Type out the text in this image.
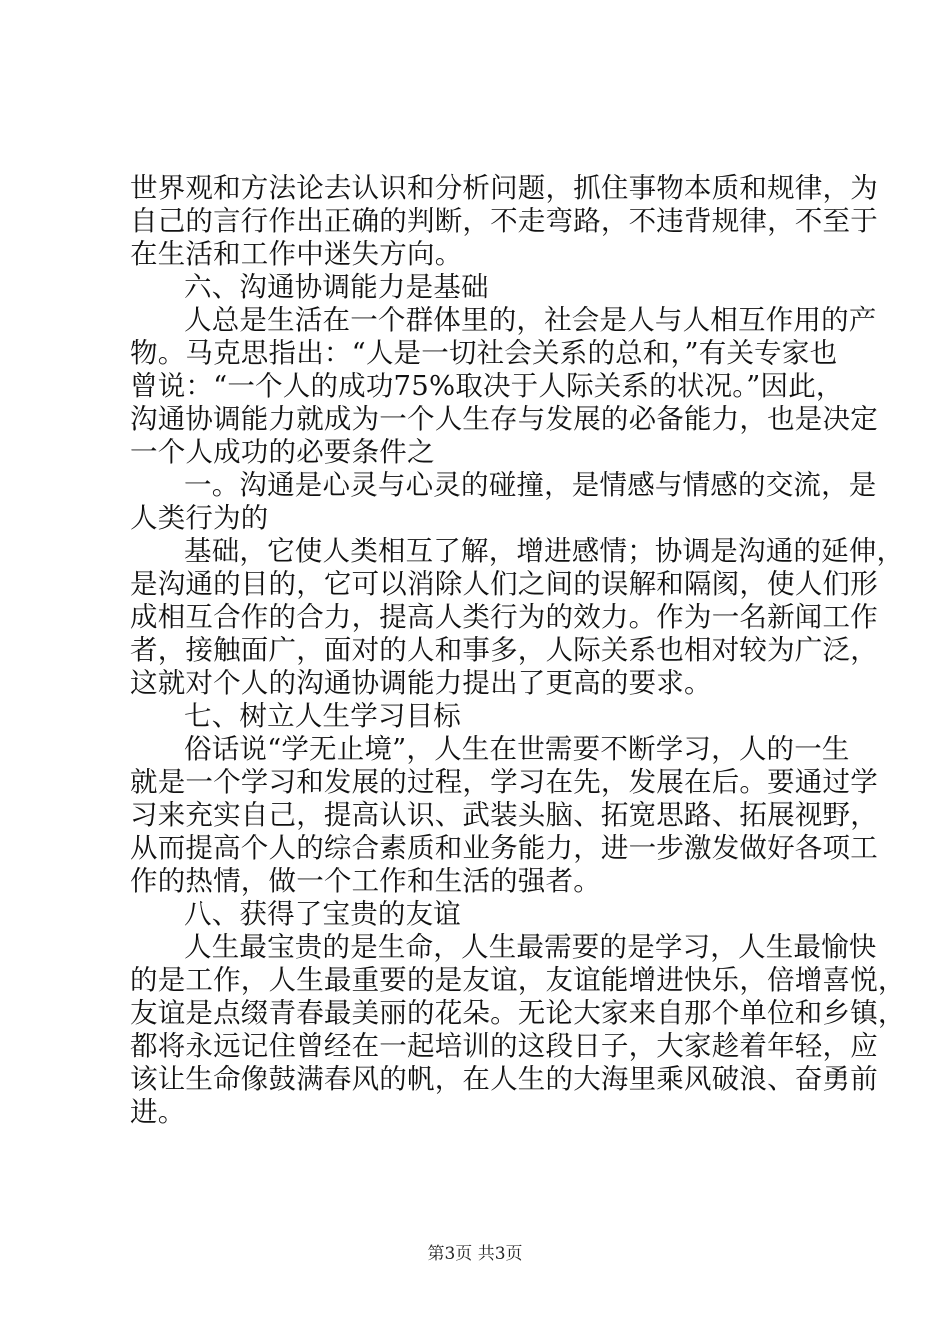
世界观和方法论去认识和分析问题，抓住事物本质和规律，为
自己的言行作出正确的判断，不走弯路，不违背规律，不至于
在生活和工作中迷失方向。
六、沟通协调能力是基础
人总是生活在一个群体里的，社会是人与人相互作用的产
物。马克思指出：“人是一切社会关系的总和，”有关专家也
曾说：“一个人的成功75%取决于人际关系的状况。”因此，
沟通协调能力就成为一个人生存与发展的必备能力，也是决定
一个人成功的必要条件之
一。沟通是心灵与心灵的碰撞，是情感与情感的交流，是
人类行为的
基础，它使人类相互了解，增进感情；协调是沟通的延伸，
是沟通的目的，它可以消除人们之间的误解和隔阂，使人们形
成相互合作的合力，提高人类行为的效力。作为一名新闻工作
者，接触面广，面对的人和事多，人际关系也相对较为广泛，
这就对个人的沟通协调能力提出了更高的要求。
七、树立人生学习目标
俗话说“学无止境”，人生在世需要不断学习，人的一生
就是一个学习和发展的过程，学习在先，发展在后。要通过学
习来充实自己，提高认识、武装头脑、拓宽思路、拓展视野，
从而提高个人的综合素质和业务能力，进一步激发做好各项工
作的热情，做一个工作和生活的强者。
八、获得了宝贵的友谊
人生最宝贵的是生命，人生最需要的是学习，人生最愉快
的是工作，人生最重要的是友谊，友谊能增进快乐，倍增喜悦，
友谊是点缀青春最美丽的花朵。无论大家来自那个单位和乡镇，
都将永远记住曾经在一起培训的这段日子，大家趁着年轻，应
该让生命像鼓满春风的帆，在人生的大海里乘风破浪、奋勇前
进。
第3页 共3页
